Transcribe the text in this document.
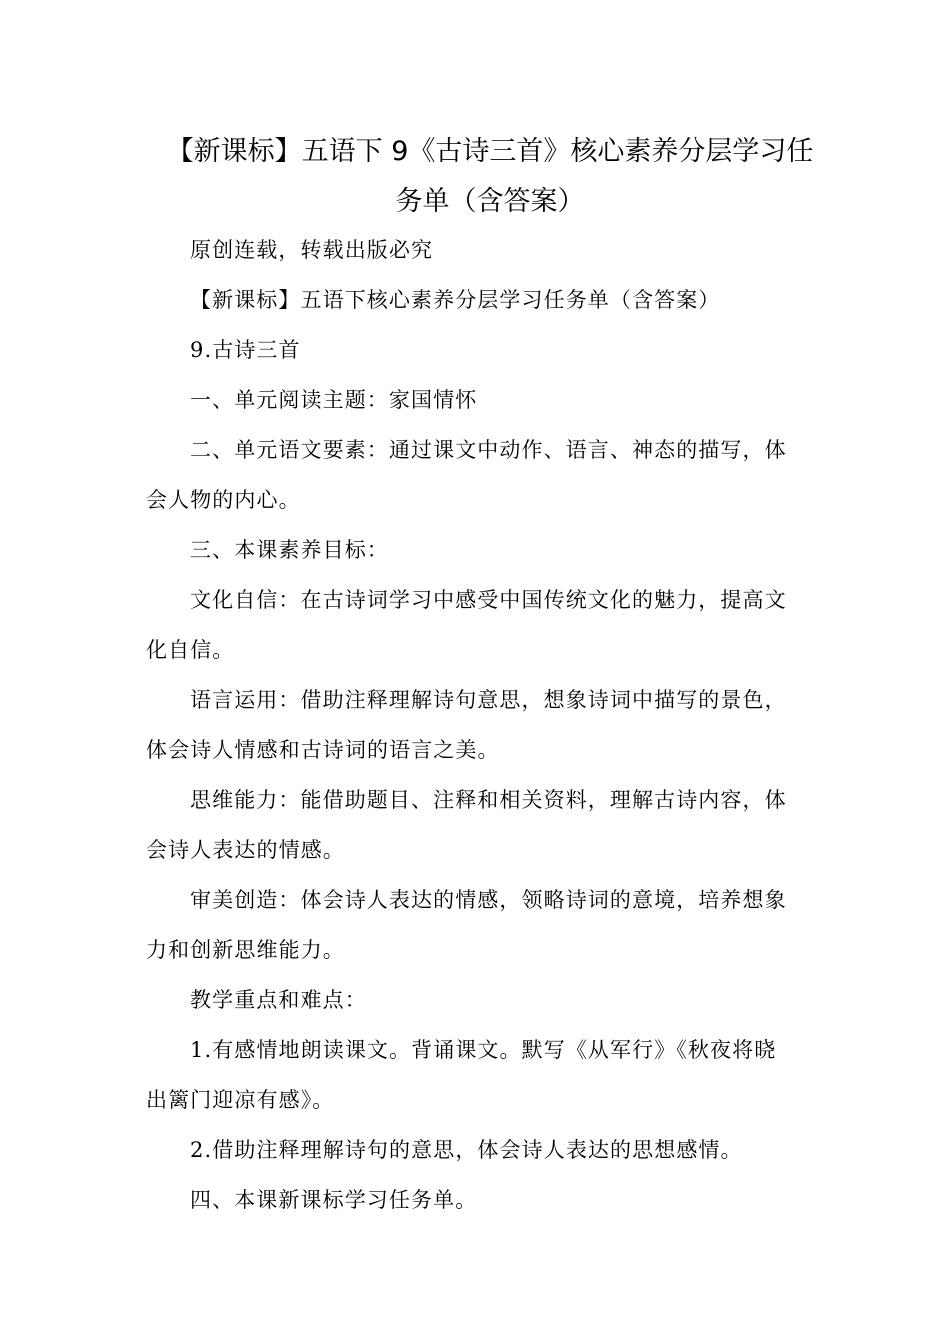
【新课标】五语下 9《古诗三首》核心素养分层学习任
务单（含答案）
原创连载，转载出版必究
【新课标】五语下核心素养分层学习任务单（含答案）
9.古诗三首
一、单元阅读主题：家国情怀
二、单元语文要素：通过课文中动作、语言、神态的描写，体
会人物的内心。
三、本课素养目标：
文化自信：在古诗词学习中感受中国传统文化的魅力，提高文
化自信。
语言运用：借助注释理解诗句意思，想象诗词中描写的景色，
体会诗人情感和古诗词的语言之美。
思维能力：能借助题目、注释和相关资料，理解古诗内容，体
会诗人表达的情感。
审美创造：体会诗人表达的情感，领略诗词的意境，培养想象
力和创新思维能力。
教学重点和难点：
1.有感情地朗读课文。背诵课文。默写《从军行》《秋夜将晓
出篱门迎凉有感》。
2.借助注释理解诗句的意思，体会诗人表达的思想感情。
四、本课新课标学习任务单。
